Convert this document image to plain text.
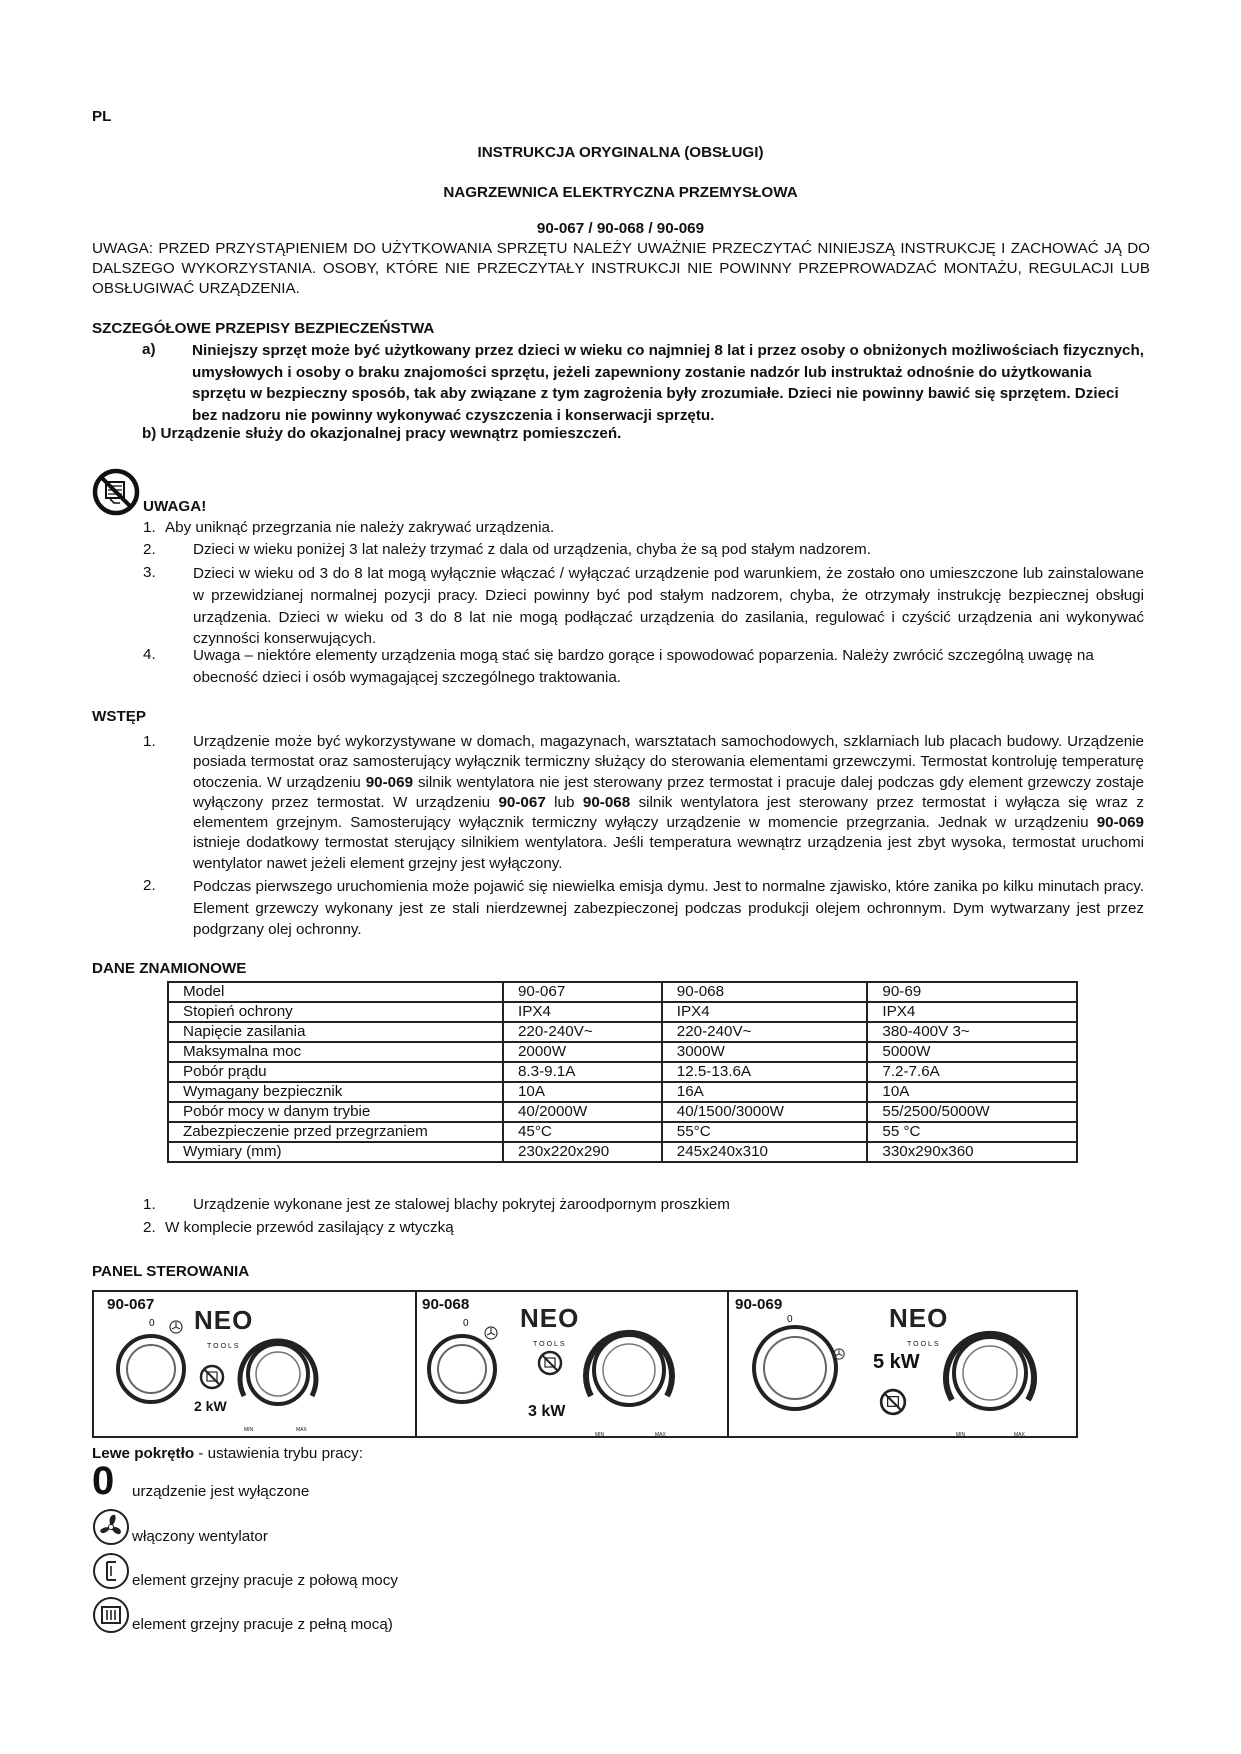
PL
INSTRUKCJA ORYGINALNA (OBSŁUGI)
NAGRZEWNICA ELEKTRYCZNA PRZEMYSŁOWA
90-067 / 90-068 / 90-069
UWAGA: PRZED PRZYSTĄPIENIEM DO UŻYTKOWANIA SPRZĘTU NALEŻY UWAŻNIE PRZECZYTAĆ NINIEJSZĄ INSTRUKCJĘ I ZACHOWAĆ JĄ DO DALSZEGO WYKORZYSTANIA. OSOBY, KTÓRE NIE PRZECZYTAŁY INSTRUKCJI NIE POWINNY PRZEPROWADZAĆ MONTAŻU, REGULACJI LUB OBSŁUGIWAĆ URZĄDZENIA.
SZCZEGÓŁOWE PRZEPISY BEZPIECZEŃSTWA
a) Niniejszy sprzęt może być użytkowany przez dzieci w wieku co najmniej 8 lat i przez osoby o obniżonych możliwościach fizycznych, umysłowych i osoby o braku znajomości sprzętu, jeżeli zapewniony zostanie nadzór lub instruktaż odnośnie do użytkowania sprzętu w bezpieczny sposób, tak aby związane z tym zagrożenia były zrozumiałe. Dzieci nie powinny bawić się sprzętem. Dzieci bez nadzoru nie powinny wykonywać czyszczenia i konserwacji sprzętu.
b) Urządzenie służy do okazjonalnej pracy wewnątrz pomieszczeń.
UWAGA!
1. Aby uniknąć przegrzania nie należy zakrywać urządzenia.
2. Dzieci w wieku poniżej 3 lat należy trzymać z dala od urządzenia, chyba że są pod stałym nadzorem.
3. Dzieci w wieku od 3 do 8 lat mogą wyłącznie włączać / wyłączać urządzenie pod warunkiem, że zostało ono umieszczone lub zainstalowane w przewidzianej normalnej pozycji pracy. Dzieci powinny być pod stałym nadzorem, chyba, że otrzymały instrukcję bezpiecznej obsługi urządzenia. Dzieci w wieku od 3 do 8 lat nie mogą podłączać urządzenia do zasilania, regulować i czyścić urządzenia ani wykonywać czynności konserwujących.
4. Uwaga – niektóre elementy urządzenia mogą stać się bardzo gorące i spowodować poparzenia. Należy zwrócić szczególną uwagę na obecność dzieci i osób wymagającej szczególnego traktowania.
WSTĘP
1. Urządzenie może być wykorzystywane w domach, magazynach, warsztatach samochodowych, szklarniach lub placach budowy. Urządzenie posiada termostat oraz samosterujący wyłącznik termiczny służący do sterowania elementami grzewczymi. Termostat kontroluję temperaturę otoczenia. W urządzeniu 90-069 silnik wentylatora nie jest sterowany przez termostat i pracuje dalej podczas gdy element grzewczy zostaje wyłączony przez termostat. W urządzeniu 90-067 lub 90-068 silnik wentylatora jest sterowany przez termostat i wyłącza się wraz z elementem grzejnym. Samosterujący wyłącznik termiczny wyłączy urządzenie w momencie przegrzania. Jednak w urządzeniu 90-069 istnieje dodatkowy termostat sterujący silnikiem wentylatora. Jeśli temperatura wewnątrz urządzenia jest zbyt wysoka, termostat uruchomi wentylator nawet jeżeli element grzejny jest wyłączony.
2. Podczas pierwszego uruchomienia może pojawić się niewielka emisja dymu. Jest to normalne zjawisko, które zanika po kilku minutach pracy. Element grzewczy wykonany jest ze stali nierdzewnej zabezpieczonej podczas produkcji olejem ochronnym. Dym wytwarzany jest przez podgrzany olej ochronny.
DANE ZNAMIONOWE
Model	90-067	90-068	90-69
Stopień ochrony	IPX4	IPX4	IPX4
Napięcie zasilania	220-240V~	220-240V~	380-400V 3~
Maksymalna moc	2000W	3000W	5000W
Pobór prądu	8.3-9.1A	12.5-13.6A	7.2-7.6A
Wymagany bezpiecznik	10A	16A	10A
Pobór mocy w danym trybie	40/2000W	40/1500/3000W	55/2500/5000W
Zabezpieczenie przed przegrzaniem	45°C	55°C	55 °C
Wymiary (mm)	230x220x290	245x240x310	330x290x360
1. Urządzenie wykonane jest ze stalowej blachy pokrytej żaroodpornym proszkiem
2. W komplecie przewód zasilający z wtyczką
PANEL STEROWANIA
90-067
0 NEO
TOOLS
2 kW
MIN	MAX
90-068
0 NEO
TOOLS
3 kW
MIN	MAX
90-069
0	NEO
TOOLS
5 kW
MIN	MAX
Lewe pokrętło - ustawienia trybu pracy:
0 urządzenie jest wyłączone
włączony wentylator
element grzejny pracuje z połową mocy
element grzejny pracuje z pełną mocą)
